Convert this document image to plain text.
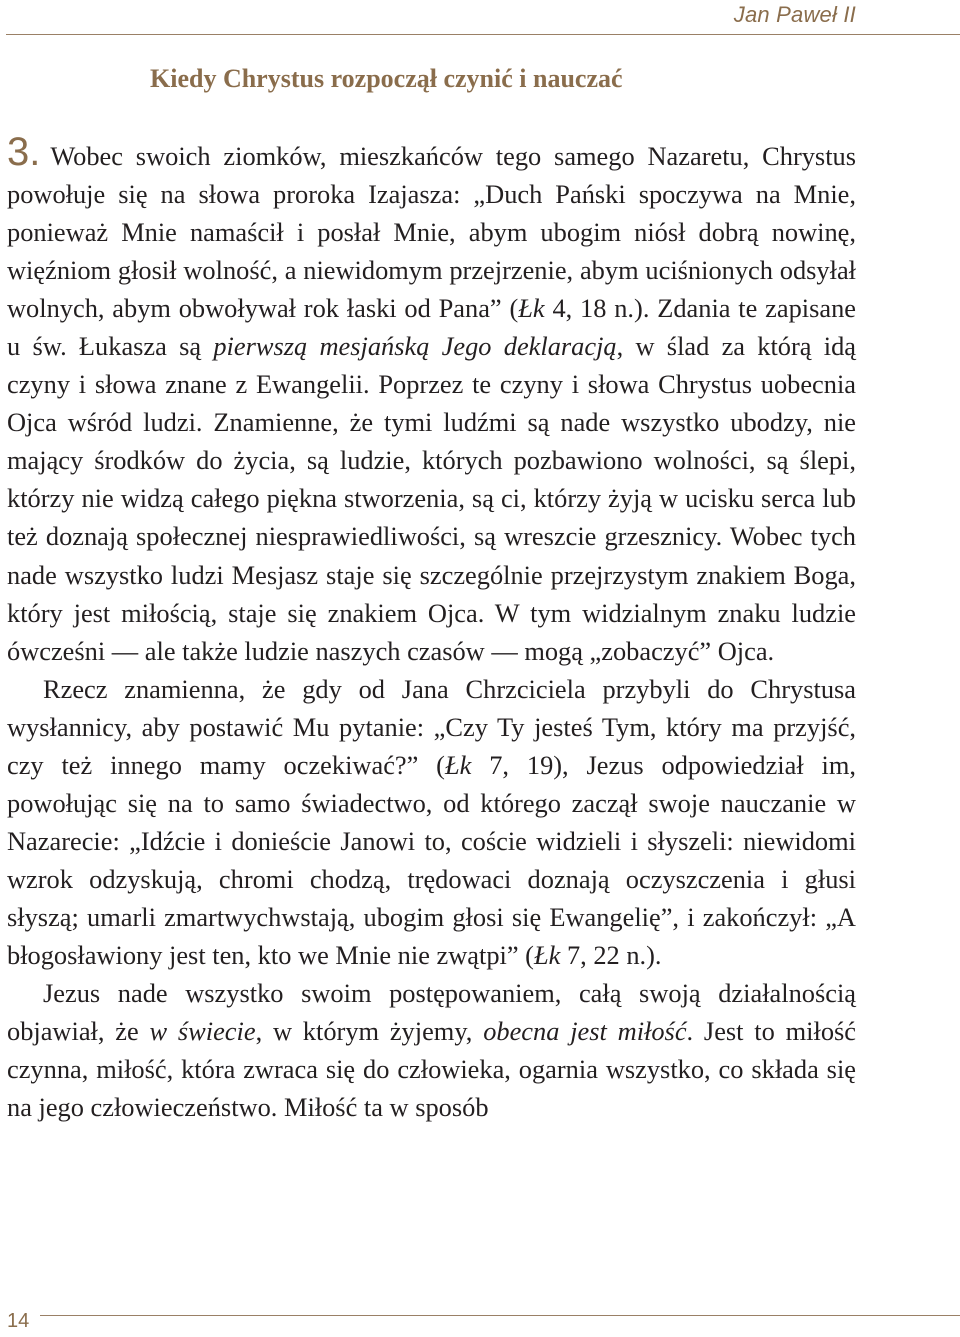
Jan Paweł II
Kiedy Chrystus rozpoczął czynić i nauczać

3. Wobec swoich ziomków, mieszkańców tego samego Nazaretu, Chrystus powołuje się na słowa proroka Izajasza: „Duch Pański spoczywa na Mnie, ponieważ Mnie namaścił i posłał Mnie, abym ubogim niósł dobrą nowinę, więźniom głosił wolność, a niewidomym przejrzenie, abym uciśnionych odsyłał wolnych, abym obwoływał rok łaski od Pana” (Łk 4, 18 n.). Zdania te zapisane u św. Łukasza są pierwszą mesjańską Jego deklaracją, w ślad za którą idą czyny i słowa znane z Ewangelii. Poprzez te czyny i słowa Chrystus uobecnia Ojca wśród ludzi. Znamienne, że tymi ludźmi są nade wszystko ubodzy, nie mający środków do życia, są ludzie, których pozbawiono wolności, są ślepi, którzy nie widzą całego piękna stworzenia, są ci, którzy żyją w ucisku serca lub też doznają społecznej niesprawiedliwości, są wreszcie grzesznicy. Wobec tych nade wszystko ludzi Mesjasz staje się szczególnie przejrzystym znakiem Boga, który jest miłością, staje się znakiem Ojca. W tym widzialnym znaku ludzie ówcześni — ale także ludzie naszych czasów — mogą „zobaczyć” Ojca.

Rzecz znamienna, że gdy od Jana Chrzciciela przybyli do Chrystusa wysłannicy, aby postawić Mu pytanie: „Czy Ty jesteś Tym, który ma przyjść, czy też innego mamy oczekiwać?” (Łk 7, 19), Jezus odpowiedział im, powołując się na to samo świadectwo, od którego zaczął swoje nauczanie w Nazarecie: „Idźcie i donieście Janowi to, coście widzieli i słyszeli: niewidomi wzrok odzyskują, chromi chodzą, trędowaci doznają oczyszczenia i głusi słyszą; umarli zmartwychwstają, ubogim głosi się Ewangelię”, i zakończył: „A błogosławiony jest ten, kto we Mnie nie zwątpi” (Łk 7, 22 n.).

Jezus nade wszystko swoim postępowaniem, całą swoją działalnością objawiał, że w świecie, w którym żyjemy, obecna jest miłość. Jest to miłość czynna, miłość, która zwraca się do człowieka, ogarnia wszystko, co składa się na jego człowieczeństwo. Miłość ta w sposób

14
